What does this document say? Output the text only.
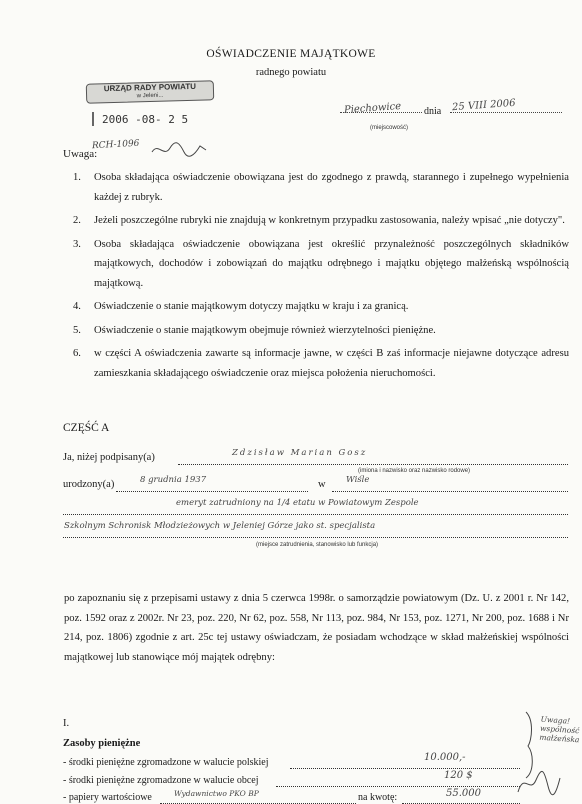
OŚWIADCZENIE MAJĄTKOWE
radnego powiatu
URZĄD RADY POWIATU
w Jeleni...
2006 -08- 2 5
Piechowice dnia 25 VIII 2006
(miejscowość)
Uwaga:
RCH-1096
1. Osoba składająca oświadczenie obowiązana jest do zgodnego z prawdą, starannego i zupełnego wypełnienia każdej z rubryk.
2. Jeżeli poszczególne rubryki nie znajdują w konkretnym przypadku zastosowania, należy wpisać „nie dotyczy".
3. Osoba składająca oświadczenie obowiązana jest określić przynależność poszczególnych składników majątkowych, dochodów i zobowiązań do majątku odrębnego i majątku objętego małżeńską wspólnością majątkową.
4. Oświadczenie o stanie majątkowym dotyczy majątku w kraju i za granicą.
5. Oświadczenie o stanie majątkowym obejmuje również wierzytelności pieniężne.
6. w części A oświadczenia zawarte są informacje jawne, w części B zaś informacje niejawne dotyczące adresu zamieszkania składającego oświadczenie oraz miejsca położenia nieruchomości.
CZĘŚĆ A
Ja, niżej podpisany(a)	Zdzisław Marian Gosz
(imiona i nazwisko oraz nazwisko rodowe)
urodzony(a)	8 grudnia 1937	w Wiśle
emeryt zatrudniony na 1/4 etatu w Powiatowym Zespole
Szkolnym Schronisk Młodzieżowych w Jeleniej Górze jako st. specjalista
(miejsce zatrudnienia, stanowisko lub funkcja)
po zapoznaniu się z przepisami ustawy z dnia 5 czerwca 1998r. o samorządzie powiatowym (Dz. U. z 2001 r. Nr 142, poz. 1592 oraz z 2002r. Nr 23, poz. 220, Nr 62, poz. 558, Nr 113, poz. 984, Nr 153, poz. 1271, Nr 200, poz. 1688 i Nr 214, poz. 1806) zgodnie z art. 25c tej ustawy oświadczam, że posiadam wchodzące w skład małżeńskiej wspólności majątkowej lub stanowiące mój majątek odrębny:
I.
Zasoby pieniężne
- środki pieniężne zgromadzone w walucie polskiej	10.000,-
- środki pieniężne zgromadzone w walucie obcej	120 $
- papiery wartościowe	Wydawnictwo PKO BP	na kwotę:	55.000
Uwaga! wspólność małżeńska
